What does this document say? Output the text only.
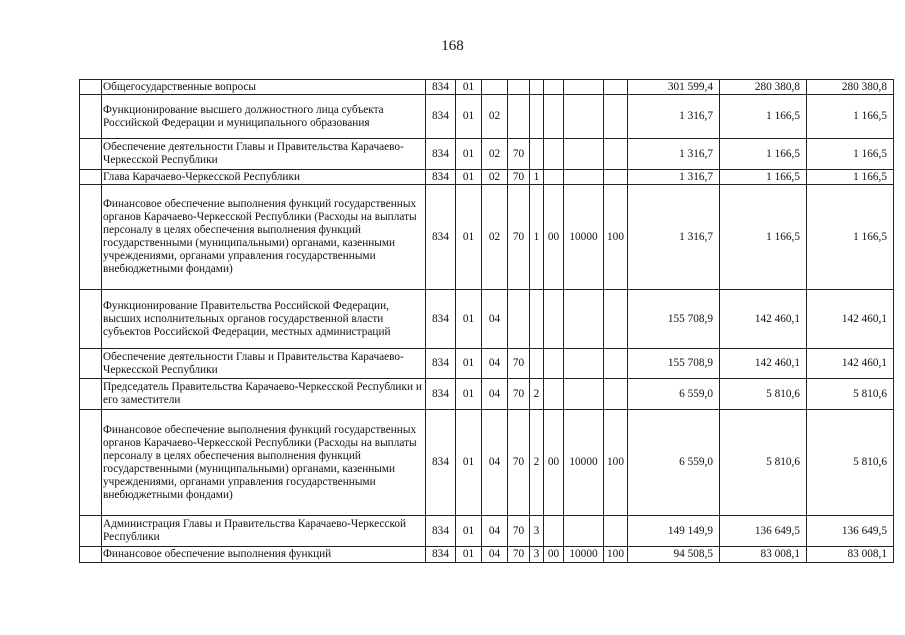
168
	Общегосударственные вопросы	834	01							301 599,4	280 380,8	280 380,8
	Функционирование высшего должностного лица субъекта Российской Федерации и муниципального образования	834	01	02						1 316,7	1 166,5	1 166,5
	Обеспечение деятельности Главы и Правительства Карачаево-Черкесской Республики	834	01	02	70					1 316,7	1 166,5	1 166,5
	Глава Карачаево-Черкесской Республики	834	01	02	70	1				1 316,7	1 166,5	1 166,5
	Финансовое обеспечение выполнения функций государственных органов Карачаево-Черкесской Республики (Расходы на выплаты персоналу в целях обеспечения выполнения функций государственными (муниципальными) органами, казенными учреждениями, органами управления государственными внебюджетными фондами)	834	01	02	70	1	00	10000	100	1 316,7	1 166,5	1 166,5
	Функционирование Правительства Российской Федерации, высших исполнительных органов государственной власти субъектов Российской Федерации, местных администраций	834	01	04						155 708,9	142 460,1	142 460,1
	Обеспечение деятельности Главы и Правительства Карачаево-Черкесской Республики	834	01	04	70					155 708,9	142 460,1	142 460,1
	Председатель Правительства Карачаево-Черкесской Республики и его заместители	834	01	04	70	2				6 559,0	5 810,6	5 810,6
	Финансовое обеспечение выполнения функций государственных органов Карачаево-Черкесской Республики (Расходы на выплаты персоналу в целях обеспечения выполнения функций государственными (муниципальными) органами, казенными учреждениями, органами управления государственными внебюджетными фондами)	834	01	04	70	2	00	10000	100	6 559,0	5 810,6	5 810,6
	Администрация Главы и Правительства Карачаево-Черкесской Республики	834	01	04	70	3				149 149,9	136 649,5	136 649,5
	Финансовое обеспечение выполнения функций	834	01	04	70	3	00	10000	100	94 508,5	83 008,1	83 008,1
